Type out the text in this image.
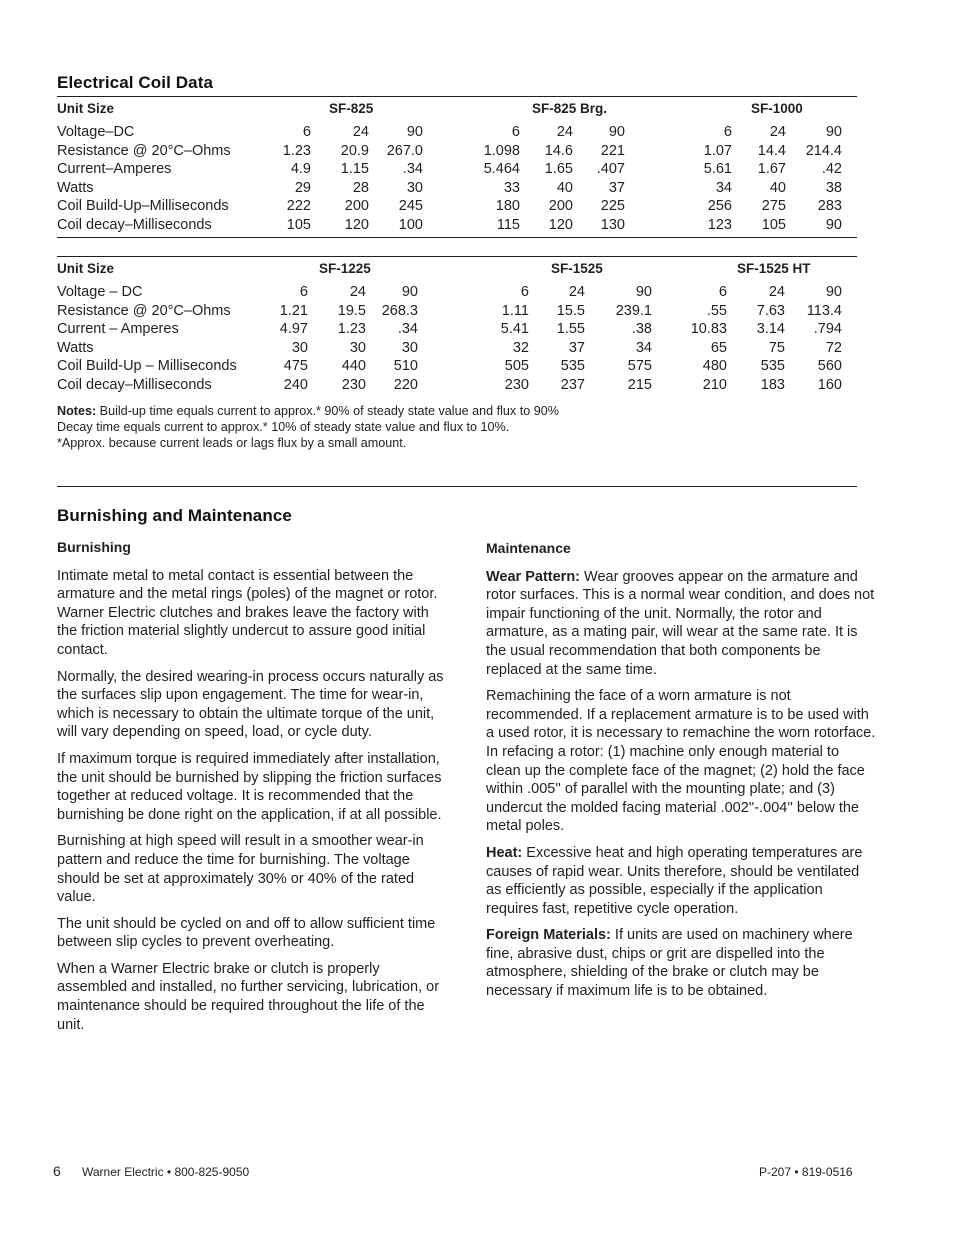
Electrical Coil Data
Unit Size	SF-825	SF-825 Brg.	SF-1000
Voltage–DC	6	24	90	6	24	90	6	24	90
Resistance @ 20°C–Ohms	1.23	20.9	267.0	1.098	14.6	221	1.07	14.4	214.4
Current–Amperes	4.9	1.15	.34	5.464	1.65	.407	5.61	1.67	.42
Watts	29	28	30	33	40	37	34	40	38
Coil Build-Up–Milliseconds	222	200	245	180	200	225	256	275	283
Coil decay–Milliseconds	105	120	100	115	120	130	123	105	90
Unit Size	SF-1225	SF-1525	SF-1525 HT
Voltage – DC	6	24	90	6	24	90	6	24	90
Resistance @ 20°C–Ohms	1.21	19.5	268.3	1.11	15.5	239.1	.55	7.63	113.4
Current – Amperes	4.97	1.23	.34	5.41	1.55	.38	10.83	3.14	.794
Watts	30	30	30	32	37	34	65	75	72
Coil Build-Up – Milliseconds	475	440	510	505	535	575	480	535	560
Coil decay–Milliseconds	240	230	220	230	237	215	210	183	160
Notes: Build-up time equals current to approx.* 90% of steady state value and flux to 90%
Decay time equals current to approx.* 10% of steady state value and flux to 10%.
*Approx. because current leads or lags flux by a small amount.
Burnishing and Maintenance
Burnishing

Intimate metal to metal contact is essential between the armature and the metal rings (poles) of the magnet or rotor. Warner Electric clutches and brakes leave the factory with the friction material slightly undercut to assure good initial contact.

Normally, the desired wearing-in process occurs naturally as the surfaces slip upon engagement. The time for wear-in, which is necessary to obtain the ultimate torque of the unit, will vary depending on speed, load, or cycle duty.

If maximum torque is required immediately after installation, the unit should be burnished by slipping the friction surfaces together at reduced voltage. It is recommended that the burnishing be done right on the application, if at all possible.

Burnishing at high speed will result in a smoother wear-in pattern and reduce the time for burnishing. The voltage should be set at approximately 30% or 40% of the rated value.

The unit should be cycled on and off to allow sufficient time between slip cycles to prevent overheating.

When a Warner Electric brake or clutch is properly assembled and installed, no further servicing, lubrication, or maintenance should be required throughout the life of the unit.

Maintenance

Wear Pattern: Wear grooves appear on the armature and rotor surfaces. This is a normal wear condition, and does not impair functioning of the unit. Normally, the rotor and armature, as a mating pair, will wear at the same rate. It is the usual recommendation that both components be replaced at the same time.

Remachining the face of a worn armature is not recommended. If a replacement armature is to be used with a used rotor, it is necessary to remachine the worn rotorface. In refacing a rotor: (1) machine only enough material to clean up the complete face of the magnet; (2) hold the face within .005'' of parallel with the mounting plate; and (3) undercut the molded facing material .002''-.004'' below the metal poles.

Heat: Excessive heat and high operating temperatures are causes of rapid wear. Units therefore, should be ventilated as efficiently as possible, especially if the application requires fast, repetitive cycle operation.

Foreign Materials: If units are used on machinery where fine, abrasive dust, chips or grit are dispelled into the atmosphere, shielding of the brake or clutch may be necessary if maximum life is to be obtained.

6 Warner Electric • 800-825-9050	P-207 • 819-0516
